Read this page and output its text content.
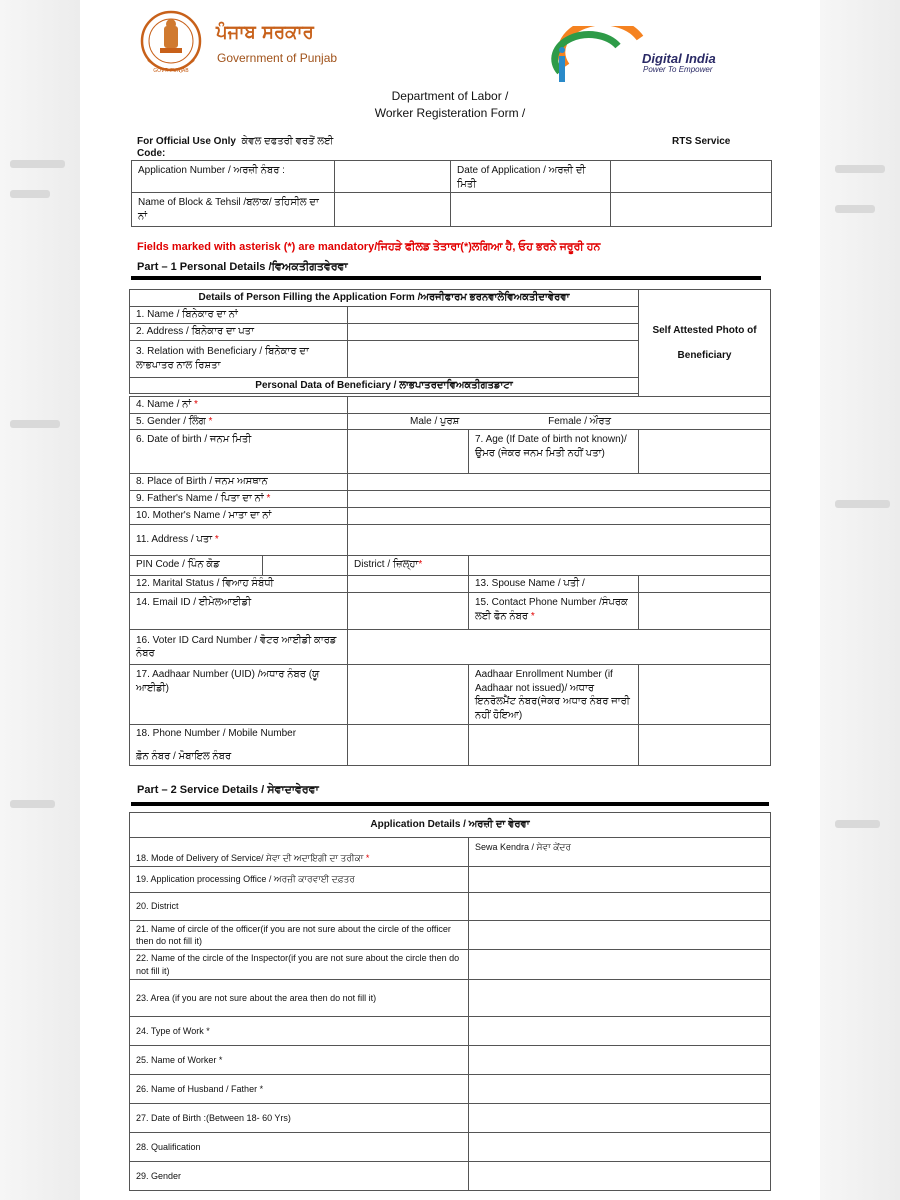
GOVT. PUNJAB
ਪੰਜਾਬ ਸਰਕਾਰ
Government of Punjab	Digital India
Power To Empower
Department of Labor /
Worker Registeration Form /
For Official Use Only ਕੇਵਲ ਦਫਤਰੀ ਵਰਤੋਂ ਲਈ
Code:
RTS Service
Application Number / ਅਰਜ਼ੀ ਨੰਬਰ :		Date of Application / ਅਰਜ਼ੀ ਦੀ ਮਿਤੀ	
Name of Block & Tehsil /ਬਲਾਕ/ ਤਹਿਸੀਲ ਦਾ ਨਾਂ			
Fields marked with asterisk (*) are mandatory/ਜਿਹੜੇ ਫੀਲਡ ਤੇਤਾਰਾ(*)ਲਗਿਆ ਹੈ, ਓਹ ਭਰਨੇ ਜਰੂਰੀ ਹਨ
Part – 1 Personal Details /ਵਿਅਕਤੀਗਤਵੇਰਵਾ
Details of Person Filling the Application Form /ਅਰਜੀਫਾਰਮ ਭਰਨਵਾਲੇਵਿਅਕਤੀਦਾਵੇਰਵਾ				Self Attested Photo of
Beneficiary

1. Name / ਬਿਨੇਕਾਰ ਦਾ ਨਾਂ				
2. Address / ਬਿਨੇਕਾਰ ਦਾ ਪਤਾ				
3. Relation with Beneficiary / ਬਿਨੇਕਾਰ ਦਾ ਲਾਭਪਾਤਰ ਨਾਲ ਰਿਸ਼ਤਾ				
Personal Data of Beneficiary / ਲਾਭਪਾਤਰਦਾਵਿਅਕਤੀਗਤਡਾਟਾ				

4. Name / ਨਾਂ *				
5. Gender / ਲਿੰਗ *		Male / ਪੁਰਸ਼ Female / ਔਰਤ		
6. Date of birth / ਜਨਮ ਮਿਤੀ			7. Age (If Date of birth not known)/ ਉਮਰ (ਜੇਕਰ ਜਨਮ ਮਿਤੀ ਨਹੀਂ ਪਤਾ)	
8. Place of Birth / ਜਨਮ ਅਸਥਾਨ				
9. Father's Name / ਪਿਤਾ ਦਾ ਨਾਂ *				
10. Mother's Name / ਮਾਤਾ ਦਾ ਨਾਂ				
11. Address / ਪਤਾ *				
PIN Code / ਪਿੰਨ ਕੋਡ		District / ਜ਼ਿਲ੍ਹਾ*		
12. Marital Status / ਵਿਆਹ ਸੰਬੰਧੀ			13. Spouse Name / ਪਤੀ /	
14. Email ID / ਈਮੇਲਆਈਡੀ			15. Contact Phone Number /ਸੰਪਰਕ ਲਈ ਫੋਨ ਨੰਬਰ *	
16. Voter ID Card Number / ਵੋਟਰ ਆਈਡੀ ਕਾਰਡ ਨੰਬਰ				
17. Aadhaar Number (UID) /ਅਧਾਰ ਨੰਬਰ (ਯੂ ਆਈਡੀ)			Aadhaar Enrollment Number (if Aadhaar not issued)/ ਅਧਾਰ ਇਨਰੋਲਮੈਂਟ ਨੰਬਰ(ਜੇਕਰ ਅਧਾਰ ਨੰਬਰ ਜਾਰੀ ਨਹੀਂ ਹੋਇਆ)	

18. Phone Number / Mobile Number
ਫ਼ੋਨ ਨੰਬਰ / ਮੋਬਾਇਲ ਨੰਬਰ				

Part – 2 Service Details / ਸੇਵਾਦਾਵੇਰਵਾ
Application Details / ਅਰਜ਼ੀ ਦਾ ਵੇਰਵਾ	
18. Mode of Delivery of Service/ ਸੇਵਾ ਦੀ ਅਦਾਇਗੀ ਦਾ ਤਰੀਕਾ *	Sewa Kendra / ਸੇਵਾ ਕੇਂਦਰ
19. Application processing Office / ਅਰਜ਼ੀ ਕਾਰਵਾਈ ਦਫ਼ਤਰ	
20. District	
21. Name of circle of the officer(if you are not sure about the circle of the officer then do not fill it)	
22. Name of the circle of the Inspector(if you are not sure about the circle then do not fill it)	
23. Area (if you are not sure about the area then do not fill it)	
24. Type of Work *	
25. Name of Worker *	
26. Name of Husband / Father *	
27. Date of Birth :(Between 18- 60 Yrs)	
28. Qualification	
29. Gender	
